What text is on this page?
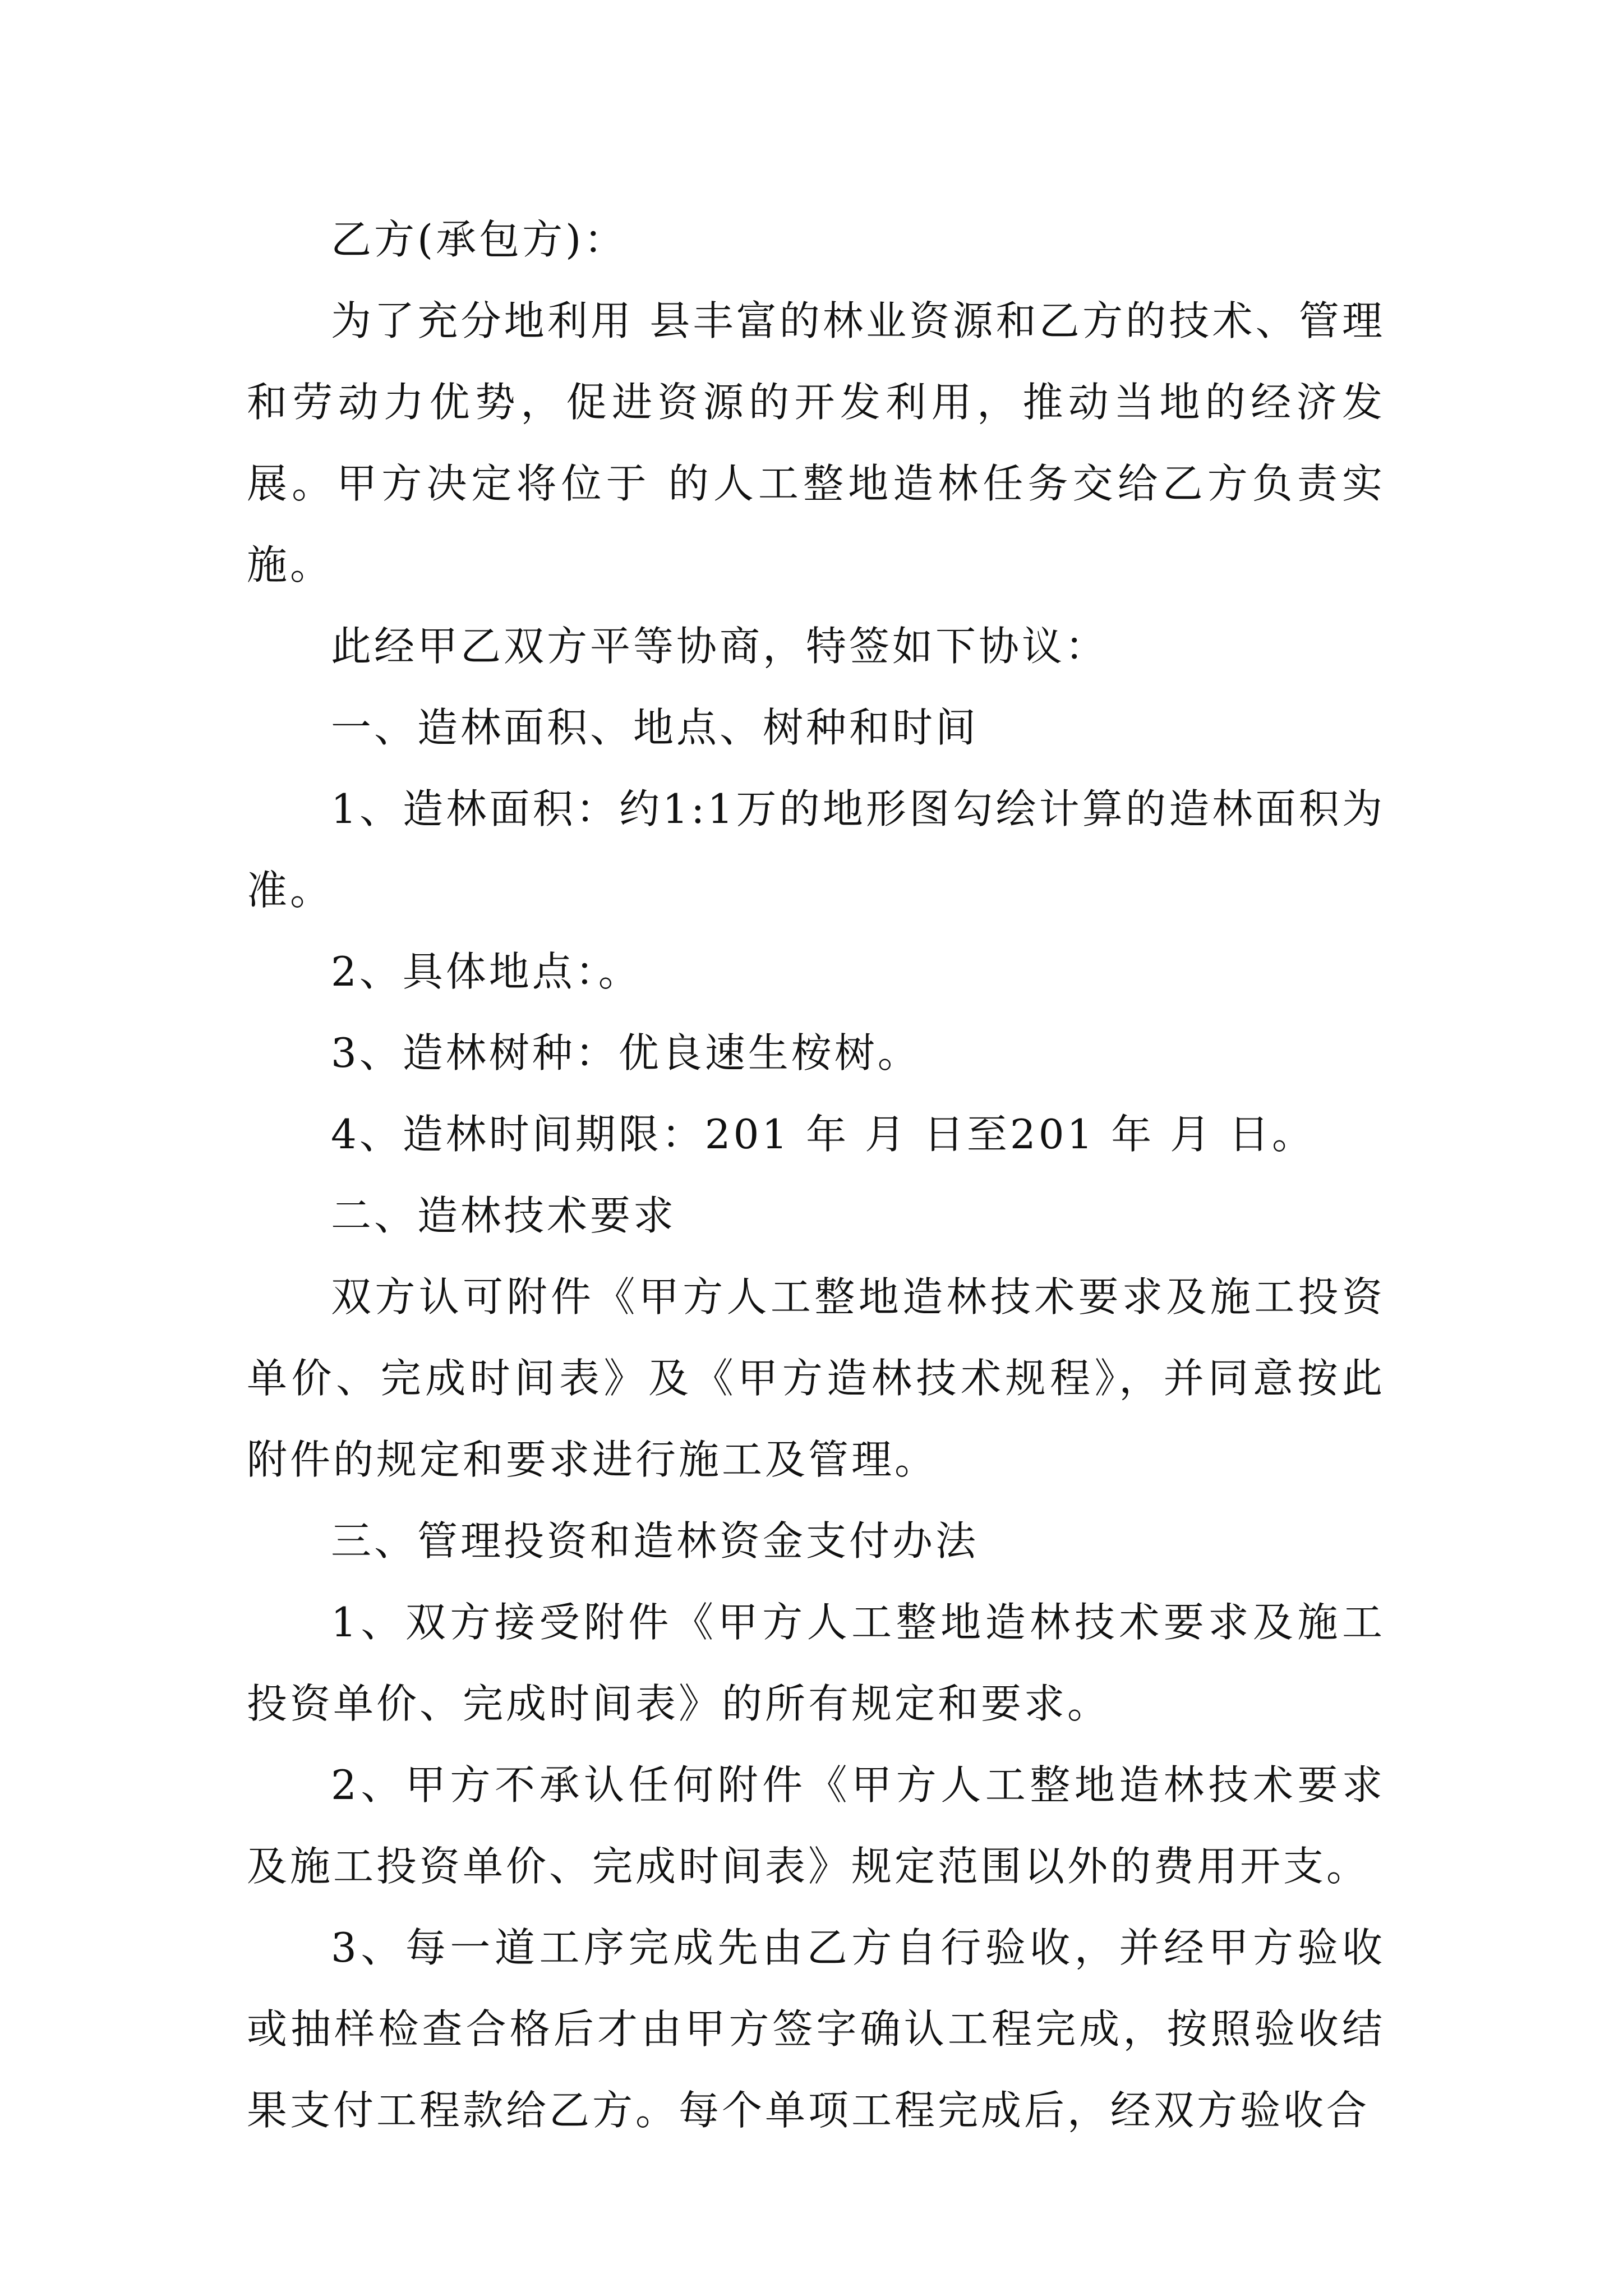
乙方(承包方)：

为了充分地利用 县丰富的林业资源和乙方的技术、管理和劳动力优势，促进资源的开发利用，推动当地的经济发展。甲方决定将位于 的人工整地造林任务交给乙方负责实施。

此经甲乙双方平等协商，特签如下协议：

一、造林面积、地点、树种和时间

1、造林面积：约1:1万的地形图勾绘计算的造林面积为准。

2、具体地点：。

3、造林树种：优良速生桉树。

4、造林时间期限：201 年 月 日至201 年 月 日。

二、造林技术要求

双方认可附件《甲方人工整地造林技术要求及施工投资单价、完成时间表》及《甲方造林技术规程》，并同意按此附件的规定和要求进行施工及管理。

三、管理投资和造林资金支付办法

1、双方接受附件《甲方人工整地造林技术要求及施工投资单价、完成时间表》的所有规定和要求。

2、甲方不承认任何附件《甲方人工整地造林技术要求及施工投资单价、完成时间表》规定范围以外的费用开支。

3、每一道工序完成先由乙方自行验收，并经甲方验收或抽样检查合格后才由甲方签字确认工程完成，按照验收结果支付工程款给乙方。每个单项工程完成后，经双方验收合
